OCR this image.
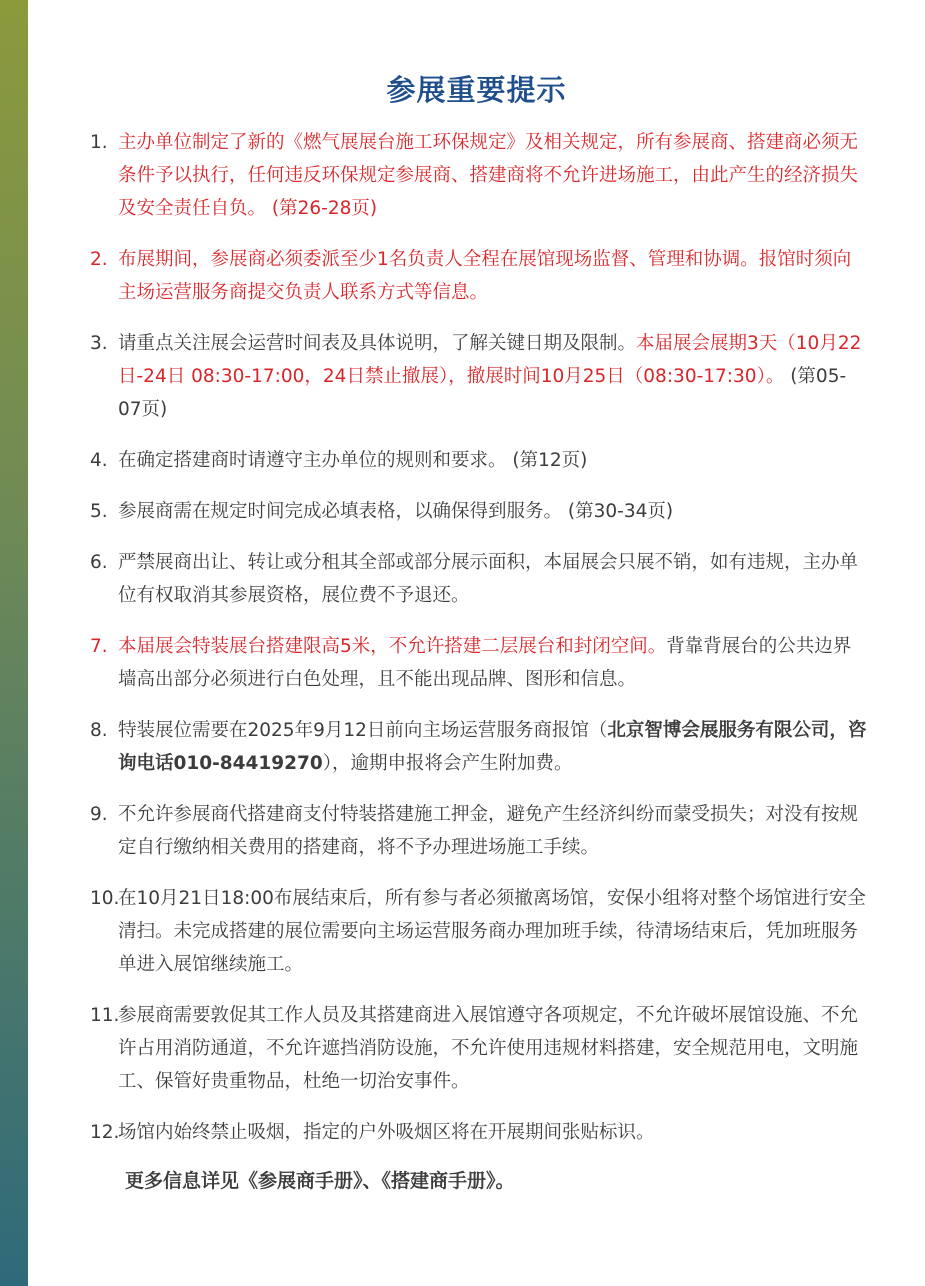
参展重要提示
1. 主办单位制定了新的《燃气展展台施工环保规定》及相关规定，所有参展商、搭建商必须无条件予以执行，任何违反环保规定参展商、搭建商将不允许进场施工，由此产生的经济损失及安全责任自负。 (第26-28页)
2. 布展期间，参展商必须委派至少1名负责人全程在展馆现场监督、管理和协调。报馆时须向主场运营服务商提交负责人联系方式等信息。
3. 请重点关注展会运营时间表及具体说明，了解关键日期及限制。本届展会展期3天（10月22日-24日 08:30-17:00，24日禁止撤展），撤展时间10月25日（08:30-17:30）。 (第05-07页)
4. 在确定搭建商时请遵守主办单位的规则和要求。 (第12页)
5. 参展商需在规定时间完成必填表格，以确保得到服务。 (第30-34页)
6. 严禁展商出让、转让或分租其全部或部分展示面积，本届展会只展不销，如有违规，主办单位有权取消其参展资格，展位费不予退还。
7. 本届展会特装展台搭建限高5米，不允许搭建二层展台和封闭空间。背靠背展台的公共边界墙高出部分必须进行白色处理，且不能出现品牌、图形和信息。
8. 特装展位需要在2025年9月12日前向主场运营服务商报馆（北京智博会展服务有限公司，咨询电话010-84419270），逾期申报将会产生附加费。
9. 不允许参展商代搭建商支付特装搭建施工押金，避免产生经济纠纷而蒙受损失；对没有按规定自行缴纳相关费用的搭建商，将不予办理进场施工手续。
10.
在10月21日18:00布展结束后，所有参与者必须撤离场馆，安保小组将对整个场馆进行安全清扫。未完成搭建的展位需要向主场运营服务商办理加班手续，待清场结束后，凭加班服务单进入展馆继续施工。
11.
参展商需要敦促其工作人员及其搭建商进入展馆遵守各项规定，不允许破坏展馆设施、不允许占用消防通道，不允许遮挡消防设施，不允许使用违规材料搭建，安全规范用电，文明施工、保管好贵重物品，杜绝一切治安事件。
12.
场馆内始终禁止吸烟，指定的户外吸烟区将在开展期间张贴标识。
更多信息详见《参展商手册》、《搭建商手册》。
